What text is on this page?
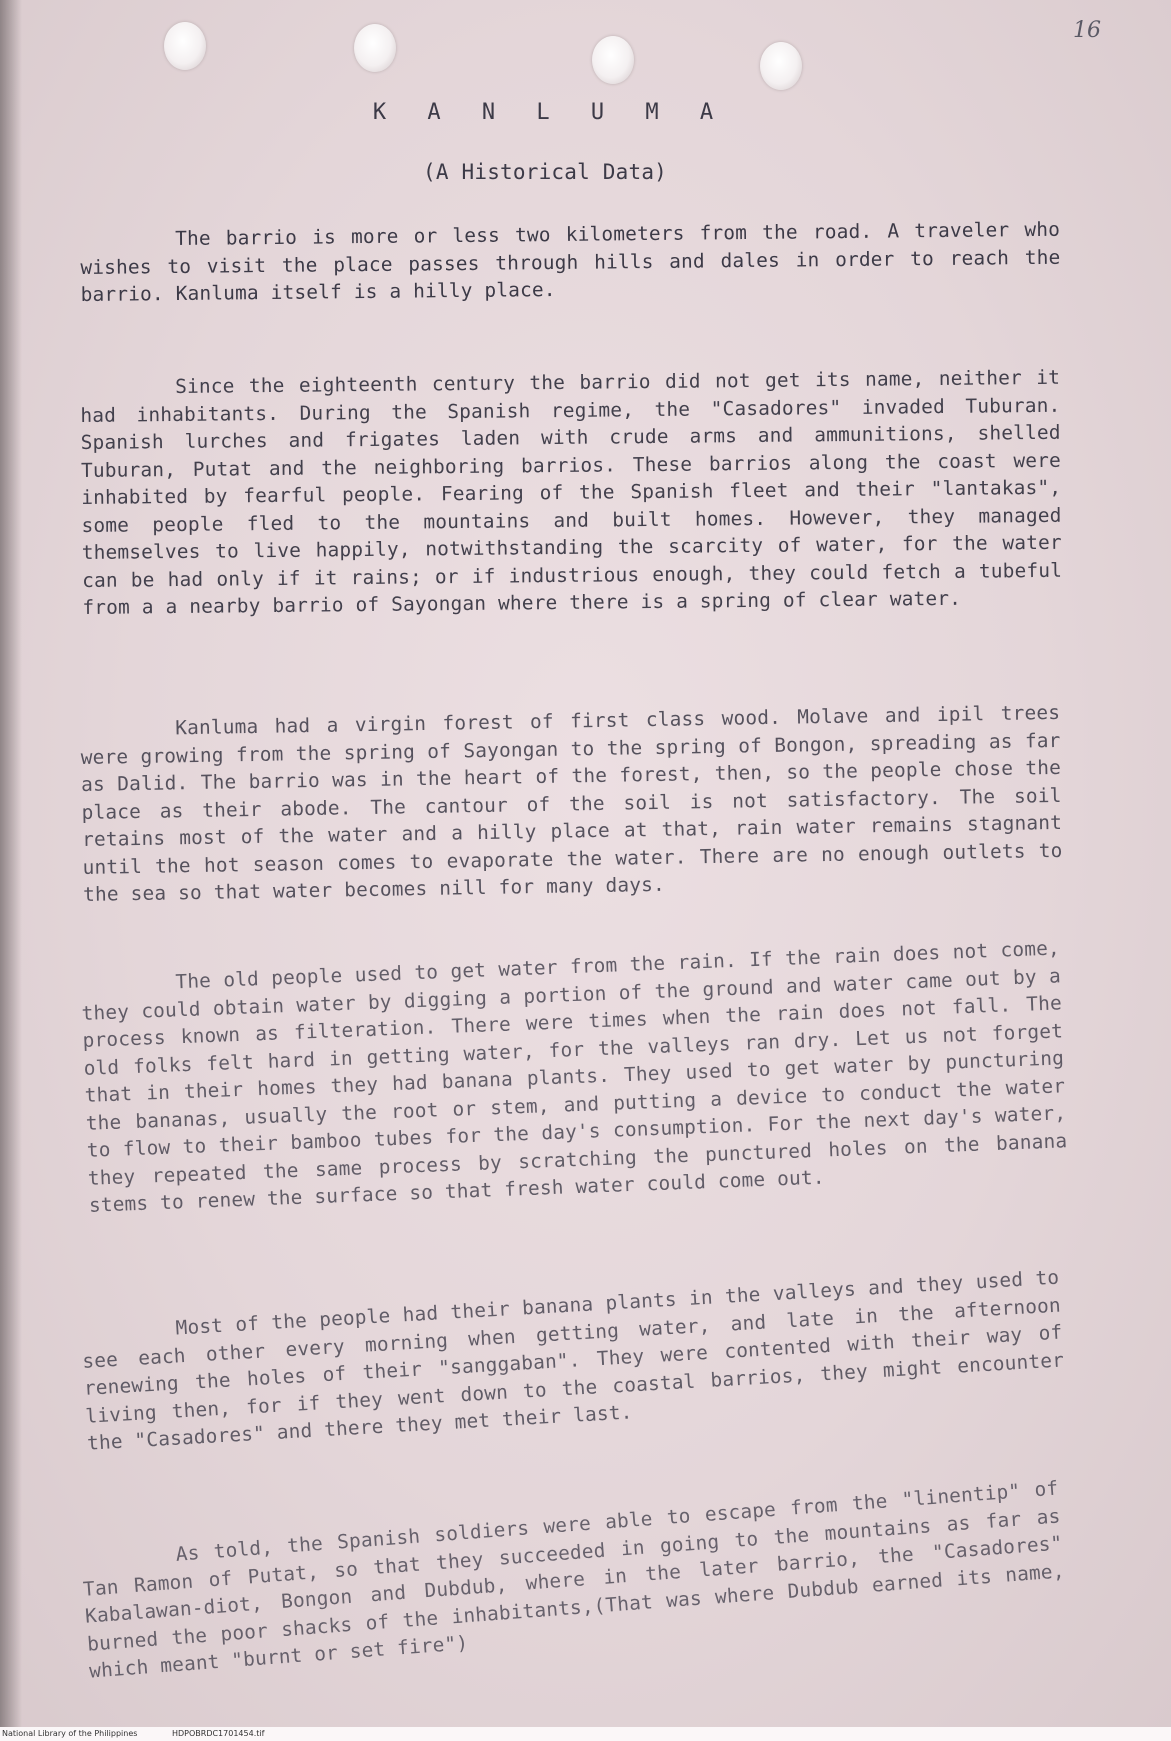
16
K A N L U M A
(A Historical Data)

The barrio is more or less two kilometers from the road. A traveler who wishes to visit the place passes through hills and dales in order to reach the barrio. Kanluma itself is a hilly place.

Since the eighteenth century the barrio did not get its name, neither it had inhabitants. During the Spanish regime, the "Casadores" invaded Tuburan. Spanish lurches and frigates laden with crude arms and ammunitions, shelled Tuburan, Putat and the neighboring barrios. These barrios along the coast were inhabited by fearful people. Fearing of the Spanish fleet and their "lantakas", some people fled to the mountains and built homes. However, they managed themselves to live happily, notwithstanding the scarcity of water, for the water can be had only if it rains; or if industrious enough, they could fetch a tubeful from a a nearby barrio of Sayongan where there is a spring of clear water.

Kanluma had a virgin forest of first class wood. Molave and ipil trees were growing from the spring of Sayongan to the spring of Bongon, spreading as far as Dalid. The barrio was in the heart of the forest, then, so the people chose the place as their abode. The cantour of the soil is not satisfactory. The soil retains most of the water and a hilly place at that, rain water remains stagnant until the hot season comes to evaporate the water. There are no enough outlets to the sea so that water becomes nill for many days.

The old people used to get water from the rain. If the rain does not come, they could obtain water by digging a portion of the ground and water came out by a process known as filteration. There were times when the rain does not fall. The old folks felt hard in getting water, for the valleys ran dry. Let us not forget that in their homes they had banana plants. They used to get water by puncturing the bananas, usually the root or stem, and putting a device to conduct the water to flow to their bamboo tubes for the day's consumption. For the next day's water, they repeated the same process by scratching the punctured holes on the banana stems to renew the surface so that fresh water could come out.

Most of the people had their banana plants in the valleys and they used to see each other every morning when getting water, and late in the afternoon renewing the holes of their "sanggaban". They were contented with their way of living then, for if they went down to the coastal barrios, they might encounter the "Casadores" and there they met their last.

As told, the Spanish soldiers were able to escape from the "linentip" of Tan Ramon of Putat, so that they succeeded in going to the mountains as far as Kabalawan-diot, Bongon and Dubdub, where in the later barrio, the "Casadores" burned the poor shacks of the inhabitants,(That was where Dubdub earned its name, which meant "burnt or set fire")

National Library of the Philippines	HDPOBRDC1701454.tif
